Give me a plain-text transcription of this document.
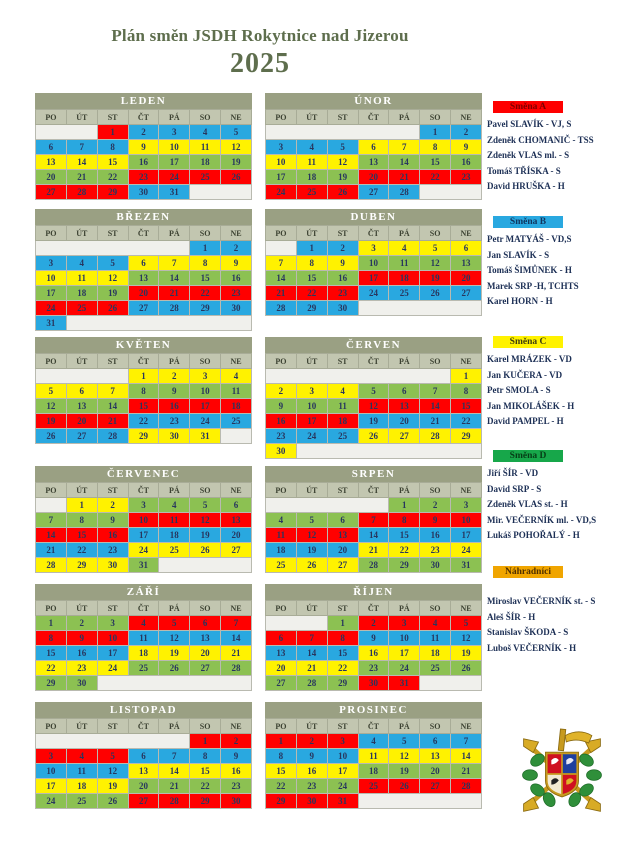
Plán směn JSDH Rokytnice nad Jizerou
2025
LEDEN
PO	ÚT	ST	ČT	PÁ	SO	NE
		1	2	3	4	5
6	7	8	9	10	11	12
13	14	15	16	17	18	19
20	21	22	23	24	25	26
27	28	29	30	31		
ÚNOR
PO	ÚT	ST	ČT	PÁ	SO	NE
					1	2
3	4	5	6	7	8	9
10	11	12	13	14	15	16
17	18	19	20	21	22	23
24	25	26	27	28		
BŘEZEN
PO	ÚT	ST	ČT	PÁ	SO	NE
					1	2
3	4	5	6	7	8	9
10	11	12	13	14	15	16
17	18	19	20	21	22	23
24	25	26	27	28	29	30
31						
DUBEN
PO	ÚT	ST	ČT	PÁ	SO	NE
	1	2	3	4	5	6
7	8	9	10	11	12	13
14	15	16	17	18	19	20
21	22	23	24	25	26	27
28	29	30				
KVĚTEN
PO	ÚT	ST	ČT	PÁ	SO	NE
			1	2	3	4
5	6	7	8	9	10	11
12	13	14	15	16	17	18
19	20	21	22	23	24	25
26	27	28	29	30	31	
ČERVEN
PO	ÚT	ST	ČT	PÁ	SO	NE
						1
2	3	4	5	6	7	8
9	10	11	12	13	14	15
16	17	18	19	20	21	22
23	24	25	26	27	28	29
30						
ČERVENEC
PO	ÚT	ST	ČT	PÁ	SO	NE
	1	2	3	4	5	6
7	8	9	10	11	12	13
14	15	16	17	18	19	20
21	22	23	24	25	26	27
28	29	30	31			
SRPEN
PO	ÚT	ST	ČT	PÁ	SO	NE
				1	2	3
4	5	6	7	8	9	10
11	12	13	14	15	16	17
18	19	20	21	22	23	24
25	26	27	28	29	30	31
ZÁŘÍ
PO	ÚT	ST	ČT	PÁ	SO	NE
1	2	3	4	5	6	7
8	9	10	11	12	13	14
15	16	17	18	19	20	21
22	23	24	25	26	27	28
29	30					
ŘÍJEN
PO	ÚT	ST	ČT	PÁ	SO	NE
		1	2	3	4	5
6	7	8	9	10	11	12
13	14	15	16	17	18	19
20	21	22	23	24	25	26
27	28	29	30	31		
LISTOPAD
PO	ÚT	ST	ČT	PÁ	SO	NE
					1	2
3	4	5	6	7	8	9
10	11	12	13	14	15	16
17	18	19	20	21	22	23
24	25	26	27	28	29	30
PROSINEC
PO	ÚT	ST	ČT	PÁ	SO	NE
1	2	3	4	5	6	7
8	9	10	11	12	13	14
15	16	17	18	19	20	21
22	23	24	25	26	27	28
29	30	31				
Směna A
Pavel SLAVÍK - VJ, S
Zdeněk CHOMANIČ - TSS
Zdeněk VLAS ml. - S
Tomáš TŘÍSKA - S
David HRUŠKA - H
Směna B
Petr MATYÁŠ - VD,S
Jan SLAVÍK - S
Tomáš ŠIMŮNEK - H
Marek SRP -H, TCHTS
Karel HORN - H
Směna C
Karel MRÁZEK - VD
Jan KUČERA - VD
Petr SMOLA - S
Jan MIKOLÁŠEK - H
David PAMPEL - H
Směna D
Jiří ŠÍR - VD
David SRP - S
Zdeněk VLAS st. - H
Mir. VEČERNÍK ml. - VD,S
Lukáš POHOŘALÝ - H
Náhradníci
Miroslav VEČERNÍK st. - S
Aleš ŠÍR - H
Stanislav ŠKODA - S
Luboš VEČERNÍK - H
